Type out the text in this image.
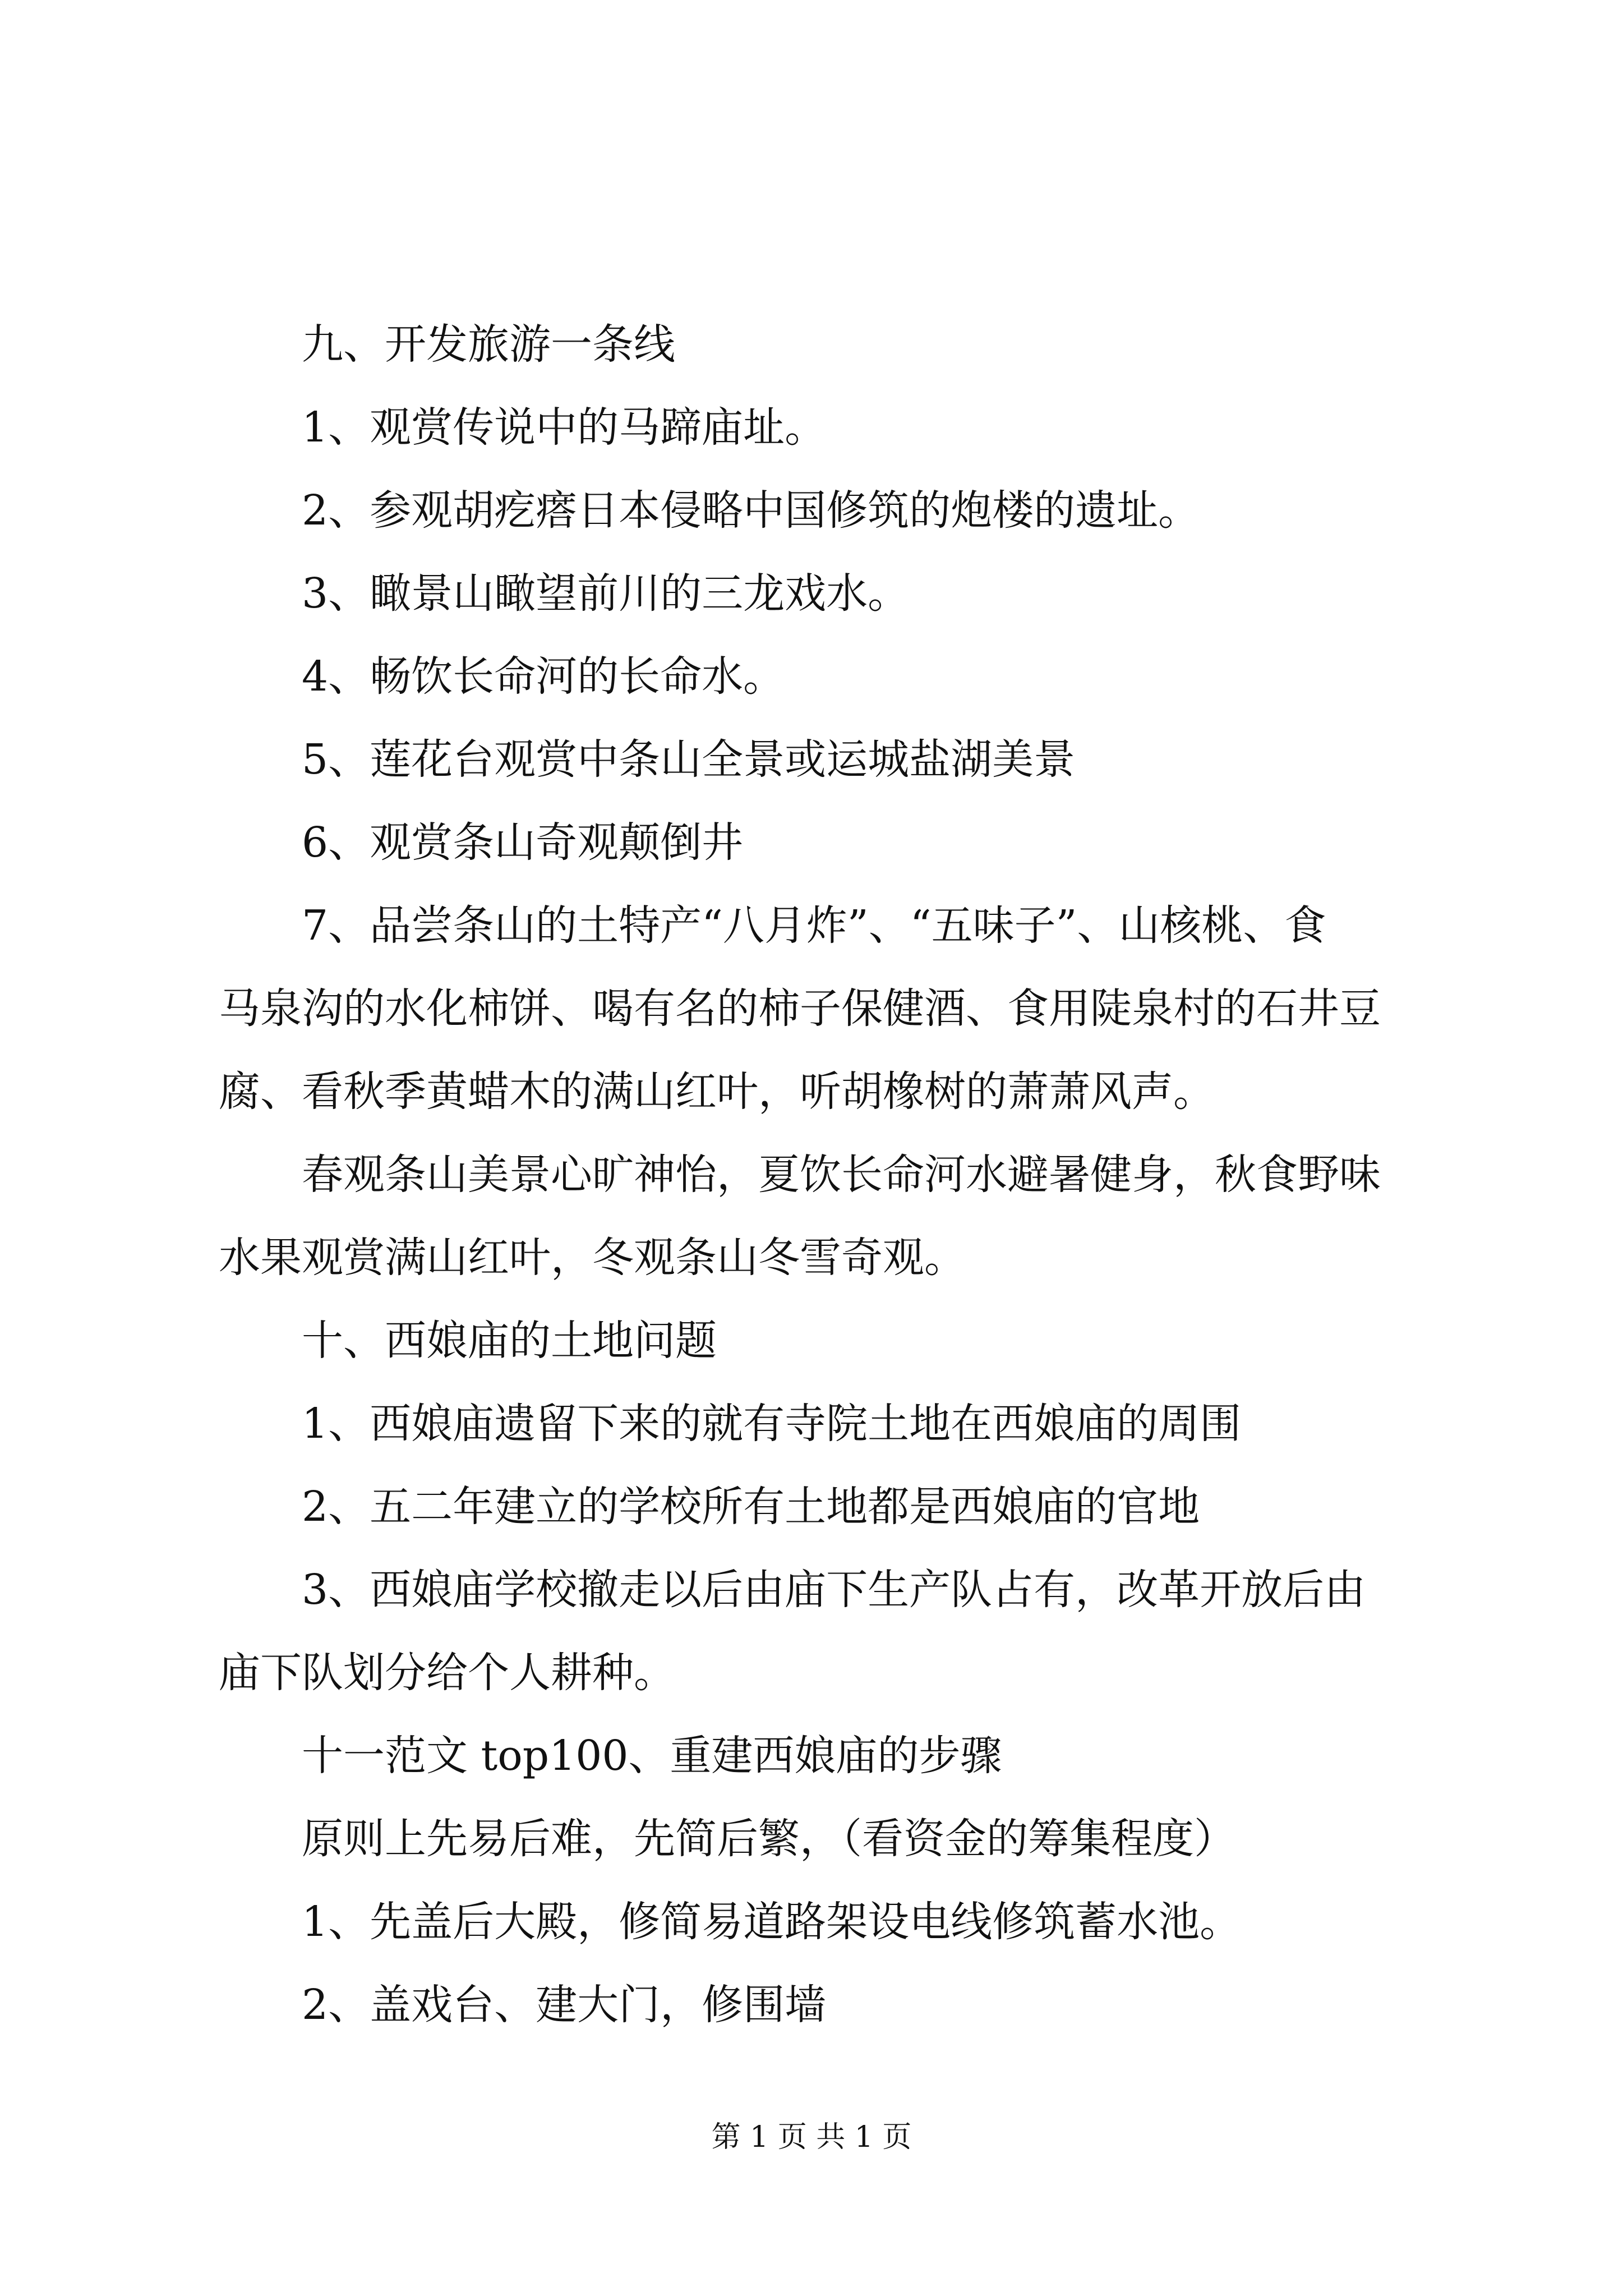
九、开发旅游一条线

1、观赏传说中的马蹄庙址。

2、参观胡疙瘩日本侵略中国修筑的炮楼的遗址。

3、瞰景山瞰望前川的三龙戏水。

4、畅饮长命河的长命水。

5、莲花台观赏中条山全景或运城盐湖美景

6、观赏条山奇观颠倒井

7、品尝条山的土特产“八月炸”、“五味子”、山核桃、食

马泉沟的水化柿饼、喝有名的柿子保健酒、食用陡泉村的石井豆

腐、看秋季黄蜡木的满山红叶，听胡橡树的萧萧风声。

春观条山美景心旷神怡，夏饮长命河水避暑健身，秋食野味

水果观赏满山红叶，冬观条山冬雪奇观。

十、西娘庙的土地问题

1、西娘庙遗留下来的就有寺院土地在西娘庙的周围

2、五二年建立的学校所有土地都是西娘庙的官地

3、西娘庙学校撤走以后由庙下生产队占有，改革开放后由

庙下队划分给个人耕种。

十一范文 top100、重建西娘庙的步骤

原则上先易后难，先简后繁，（看资金的筹集程度）

1、先盖后大殿，修简易道路架设电线修筑蓄水池。

2、盖戏台、建大门，修围墙

第 1 页 共 1 页
